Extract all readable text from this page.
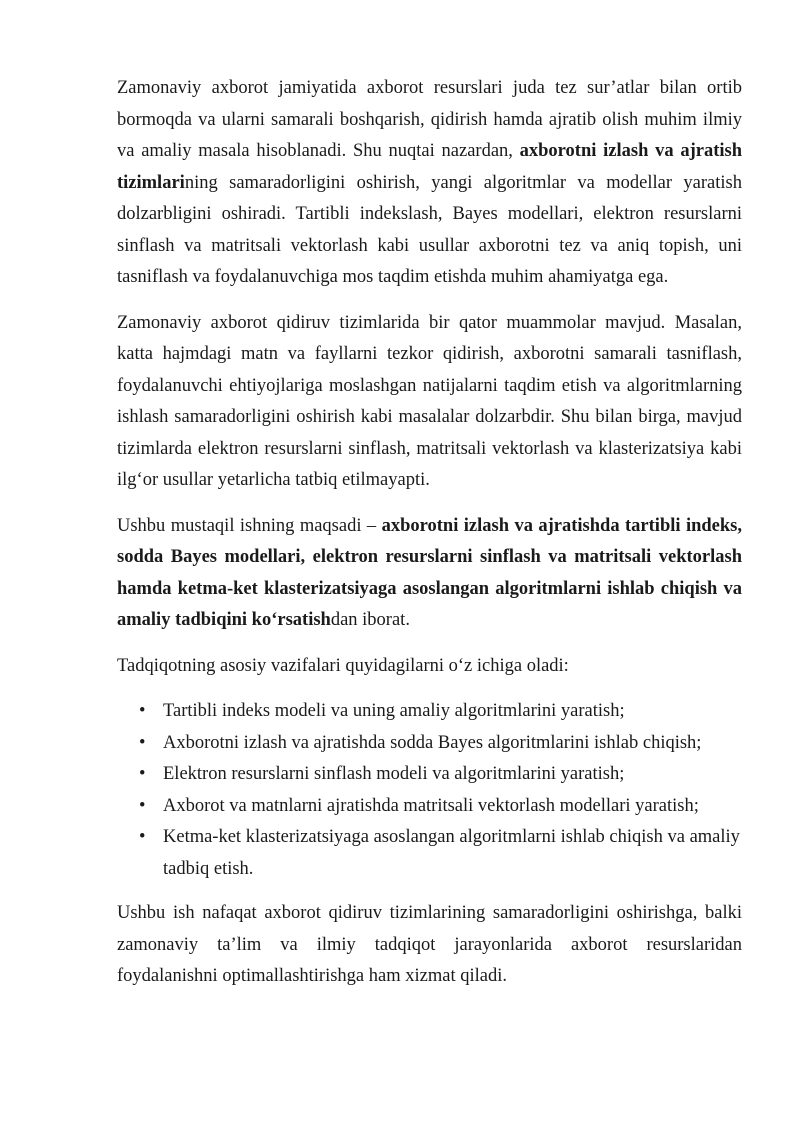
Zamonaviy axborot jamiyatida axborot resurslari juda tez sur’atlar bilan ortib bormoqda va ularni samarali boshqarish, qidirish hamda ajratib olish muhim ilmiy va amaliy masala hisoblanadi. Shu nuqtai nazardan, axborotni izlash va ajratish tizimlarining samaradorligini oshirish, yangi algoritmlar va modellar yaratish dolzarbligini oshiradi. Tartibli indekslash, Bayes modellari, elektron resurslarni sinflash va matritsali vektorlash kabi usullar axborotni tez va aniq topish, uni tasniflash va foydalanuvchiga mos taqdim etishda muhim ahamiyatga ega.

Zamonaviy axborot qidiruv tizimlarida bir qator muammolar mavjud. Masalan, katta hajmdagi matn va fayllarni tezkor qidirish, axborotni samarali tasniflash, foydalanuvchi ehtiyojlariga moslashgan natijalarni taqdim etish va algoritmlarning ishlash samaradorligini oshirish kabi masalalar dolzarbdir. Shu bilan birga, mavjud tizimlarda elektron resurslarni sinflash, matritsali vektorlash va klasterizatsiya kabi ilg‘or usullar yetarlicha tatbiq etilmayapti.

Ushbu mustaqil ishning maqsadi – axborotni izlash va ajratishda tartibli indeks, sodda Bayes modellari, elektron resurslarni sinflash va matritsali vektorlash hamda ketma-ket klasterizatsiyaga asoslangan algoritmlarni ishlab chiqish va amaliy tadbiqini ko‘rsatishdan iborat.

Tadqiqotning asosiy vazifalari quyidagilarni o‘z ichiga oladi:

• Tartibli indeks modeli va uning amaliy algoritmlarini yaratish;
• Axborotni izlash va ajratishda sodda Bayes algoritmlarini ishlab chiqish;
• Elektron resurslarni sinflash modeli va algoritmlarini yaratish;
• Axborot va matnlarni ajratishda matritsali vektorlash modellari yaratish;
• Ketma-ket klasterizatsiyaga asoslangan algoritmlarni ishlab chiqish va amaliy tadbiq etish.

Ushbu ish nafaqat axborot qidiruv tizimlarining samaradorligini oshirishga, balki zamonaviy ta’lim va ilmiy tadqiqot jarayonlarida axborot resurslaridan foydalanishni optimallashtirishga ham xizmat qiladi.
